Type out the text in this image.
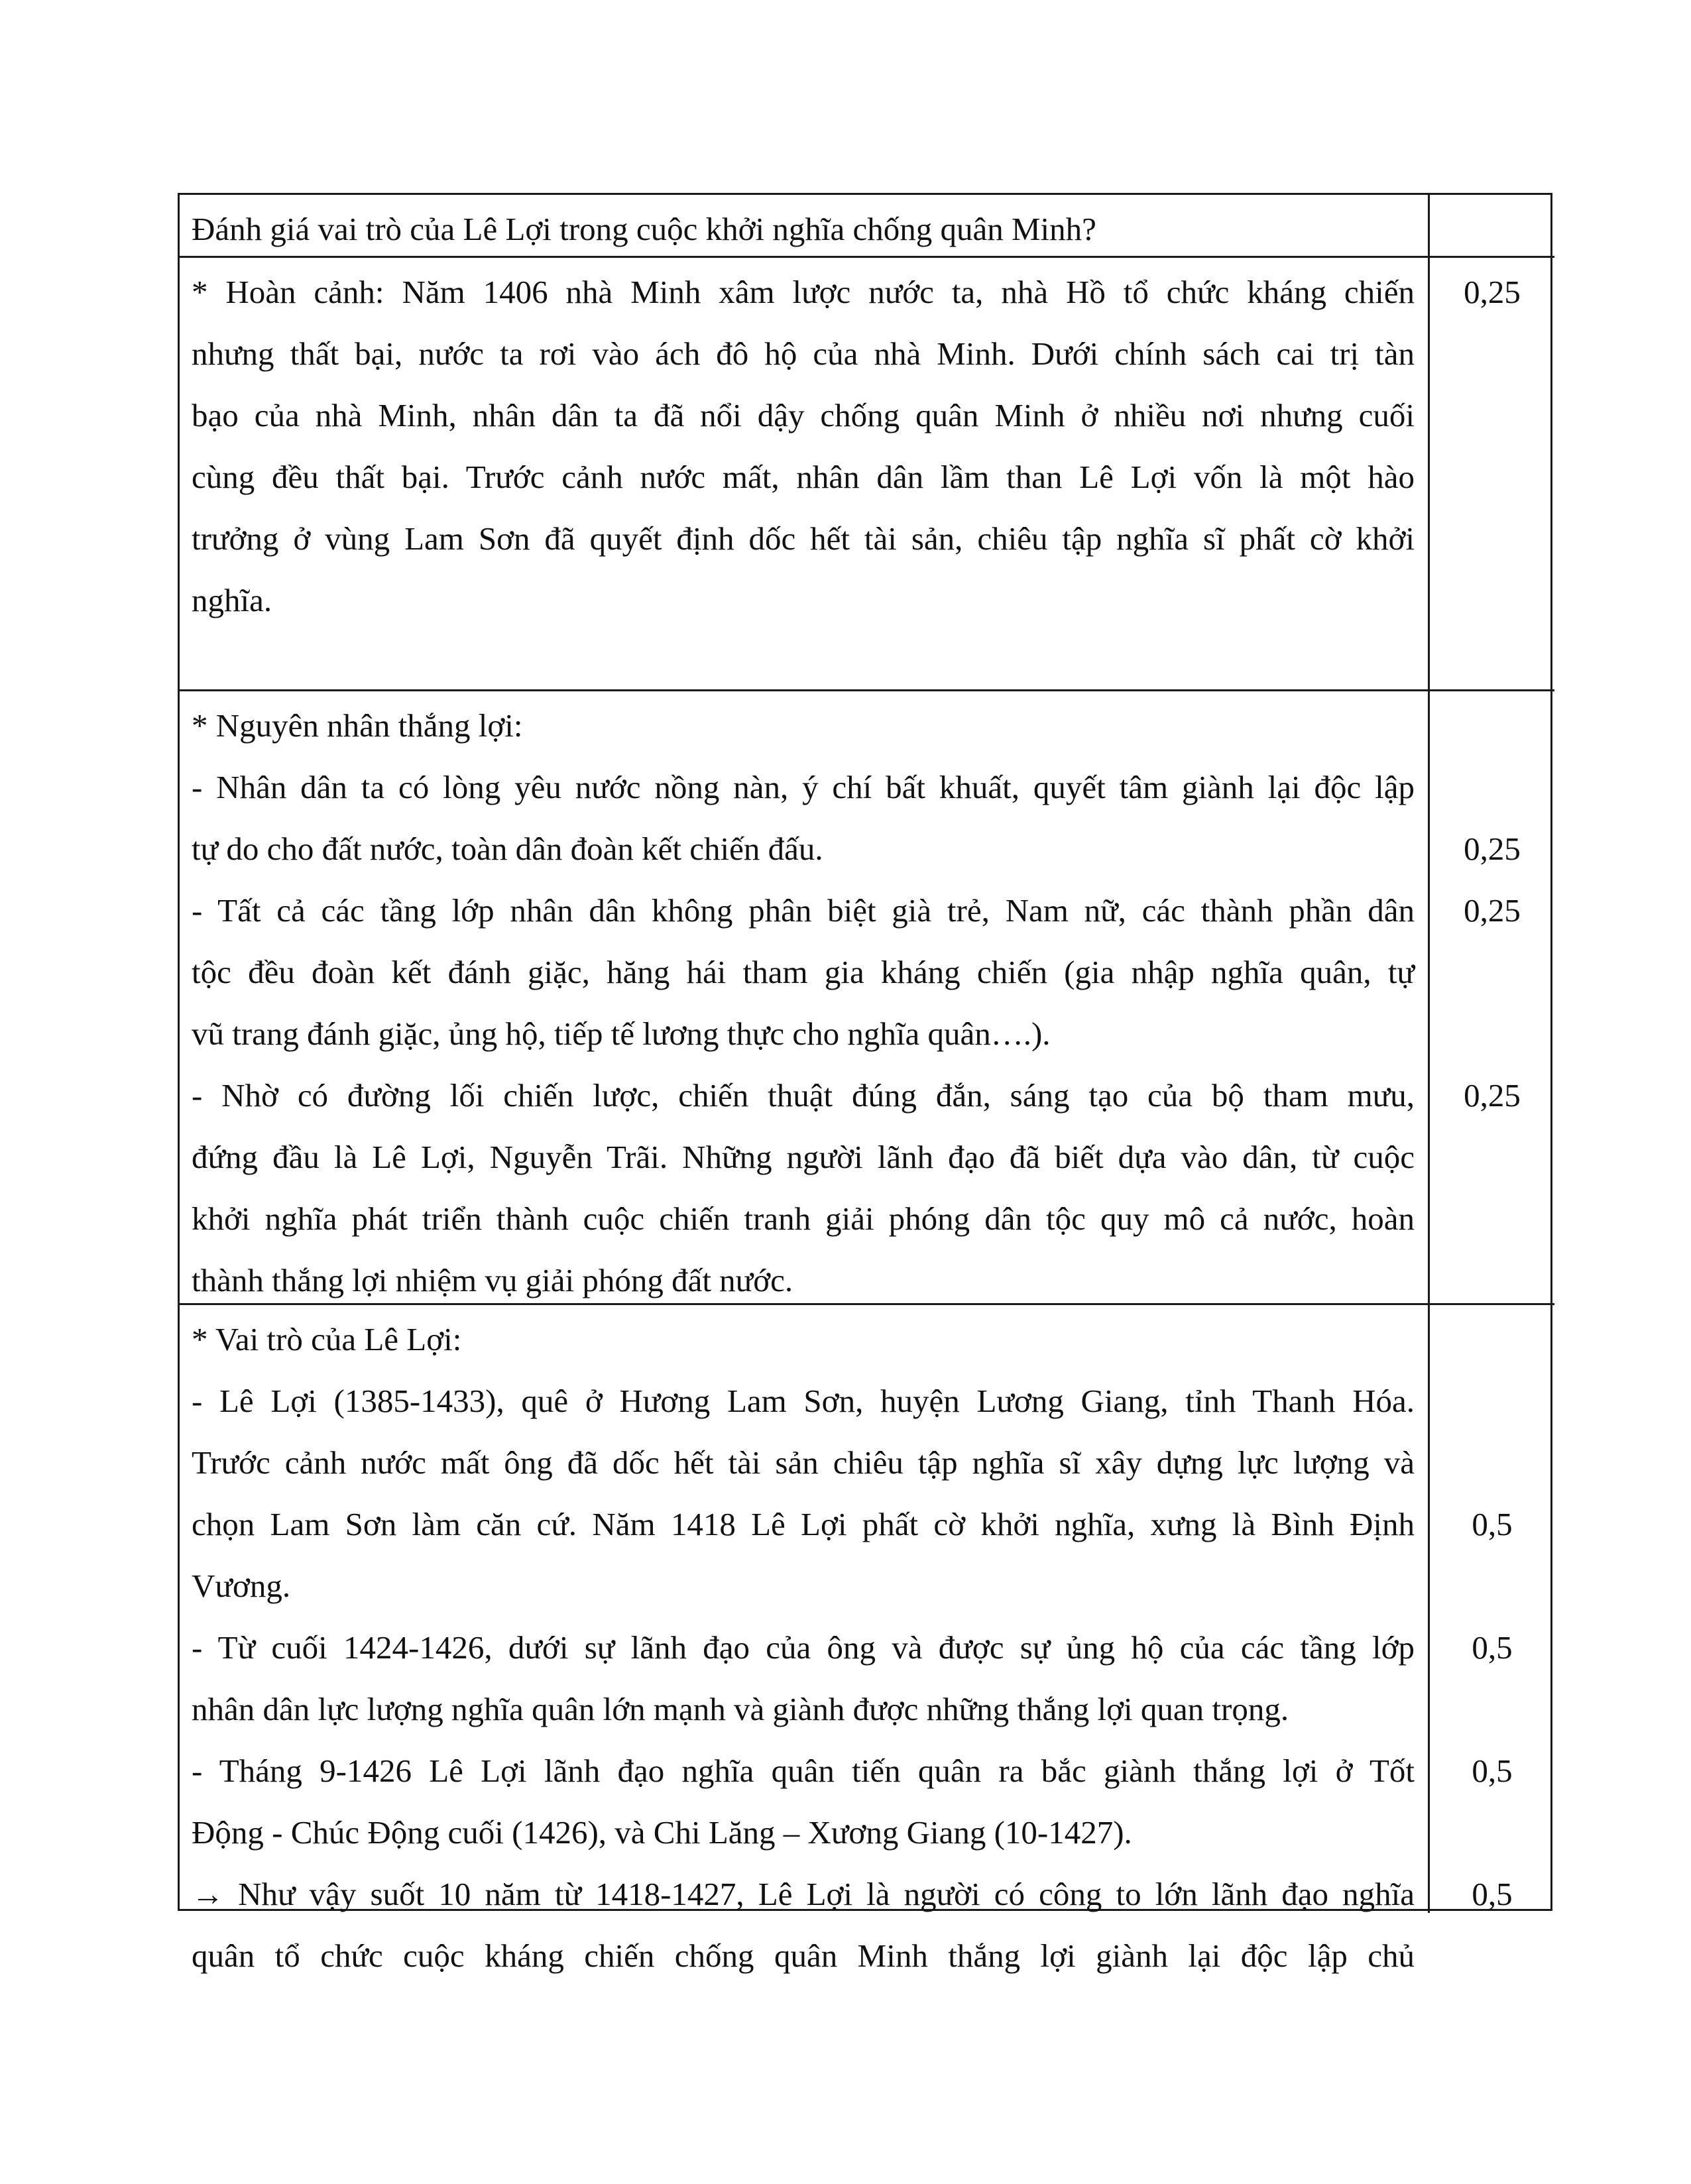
Đánh giá vai trò của Lê Lợi trong cuộc khởi nghĩa chống quân Minh?
* Hoàn cảnh: Năm 1406 nhà Minh xâm lược nước ta, nhà Hồ tổ chức kháng chiến
nhưng thất bại, nước ta rơi vào ách đô hộ của nhà Minh. Dưới chính sách cai trị tàn
bạo của nhà Minh, nhân dân ta đã nổi dậy chống quân Minh ở nhiều nơi nhưng cuối
cùng đều thất bại. Trước cảnh nước mất, nhân dân lầm than Lê Lợi vốn là một hào
trưởng ở vùng Lam Sơn đã quyết định dốc hết tài sản, chiêu tập nghĩa sĩ phất cờ khởi
nghĩa.
0,25
* Nguyên nhân thắng lợi:
- Nhân dân ta có lòng yêu nước nồng nàn, ý chí bất khuất, quyết tâm giành lại độc lập
tự do cho đất nước, toàn dân đoàn kết chiến đấu.
- Tất cả các tầng lớp nhân dân không phân biệt già trẻ, Nam nữ, các thành phần dân
tộc đều đoàn kết đánh giặc, hăng hái tham gia kháng chiến (gia nhập nghĩa quân, tự
vũ trang đánh giặc, ủng hộ, tiếp tế lương thực cho nghĩa quân….).
- Nhờ có đường lối chiến lược, chiến thuật đúng đắn, sáng tạo của bộ tham mưu,
đứng đầu là Lê Lợi, Nguyễn Trãi. Những người lãnh đạo đã biết dựa vào dân, từ cuộc
khởi nghĩa phát triển thành cuộc chiến tranh giải phóng dân tộc quy mô cả nước, hoàn
thành thắng lợi nhiệm vụ giải phóng đất nước.
0,25
0,25
0,25
* Vai trò của Lê Lợi:
- Lê Lợi (1385-1433), quê ở Hương Lam Sơn, huyện Lương Giang, tỉnh Thanh Hóa.
Trước cảnh nước mất ông đã dốc hết tài sản chiêu tập nghĩa sĩ xây dựng lực lượng và
chọn Lam Sơn làm căn cứ. Năm 1418 Lê Lợi phất cờ khởi nghĩa, xưng là Bình Định
Vương.
- Từ cuối 1424-1426, dưới sự lãnh đạo của ông và được sự ủng hộ của các tầng lớp
nhân dân lực lượng nghĩa quân lớn mạnh và giành được những thắng lợi quan trọng.
- Tháng 9-1426 Lê Lợi lãnh đạo nghĩa quân tiến quân ra bắc giành thắng lợi ở Tốt
Động - Chúc Động cuối (1426), và Chi Lăng – Xương Giang (10-1427).
→ Như vậy suốt 10 năm từ 1418-1427, Lê Lợi là người có công to lớn lãnh đạo nghĩa
quân tổ chức cuộc kháng chiến chống quân Minh thắng lợi giành lại độc lập chủ
0,5
0,5
0,5
0,5
